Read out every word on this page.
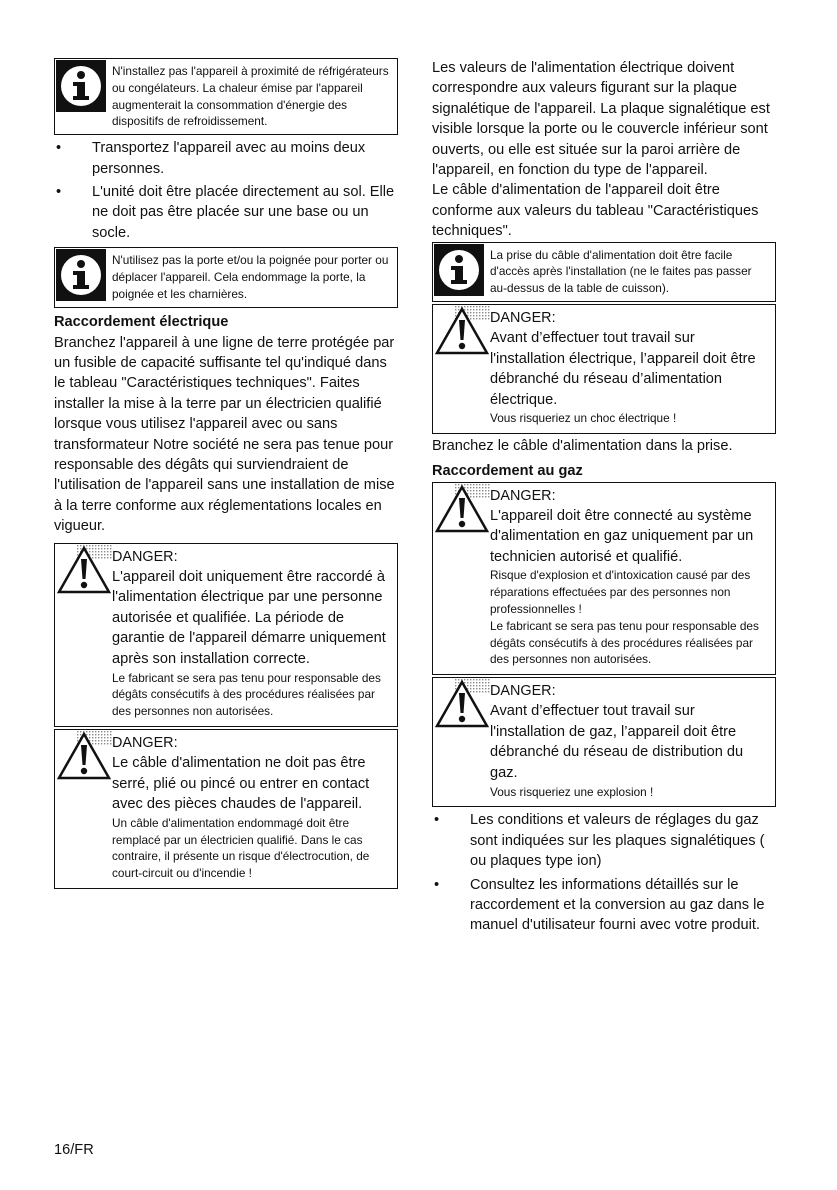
N'installez pas l'appareil à proximité de réfrigérateurs ou congélateurs. La chaleur émise par l'appareil augmenterait la consommation d'énergie des dispositifs de refroidissement.
• Transportez l'appareil avec au moins deux personnes.
• L'unité doit être placée directement au sol. Elle ne doit pas être placée sur une base ou un socle.
N'utilisez pas la porte et/ou la poignée pour porter ou déplacer l'appareil. Cela endommage la porte, la poignée et les charnières.
Raccordement électrique

Branchez l'appareil à une ligne de terre protégée par un fusible de capacité suffisante tel qu'indiqué dans le tableau "Caractéristiques techniques". Faites installer la mise à la terre par un électricien qualifié lorsque vous utilisez l'appareil avec ou sans transformateur Notre société ne sera pas tenue pour responsable des dégâts qui surviendraient de l'utilisation de l'appareil sans une installation de mise à la terre conforme aux réglementations locales en vigueur.

DANGER:
L'appareil doit uniquement être raccordé à l'alimentation électrique par une personne autorisée et qualifiée. La période de garantie de l'appareil démarre uniquement après son installation correcte.
Le fabricant se sera pas tenu pour responsable des dégâts consécutifs à des procédures réalisées par des personnes non autorisées.
DANGER:
Le câble d'alimentation ne doit pas être serré, plié ou pincé ou entrer en contact avec des pièces chaudes de l'appareil.
Un câble d'alimentation endommagé doit être remplacé par un électricien qualifié. Dans le cas contraire, il présente un risque d'électrocution, de court-circuit ou d'incendie !

Les valeurs de l'alimentation électrique doivent correspondre aux valeurs figurant sur la plaque signalétique de l'appareil. La plaque signalétique est visible lorsque la porte ou le couvercle inférieur sont ouverts, ou elle est située sur la paroi arrière de l'appareil, en fonction du type de l'appareil.

Le câble d'alimentation de l'appareil doit être conforme aux valeurs du tableau "Caractéristiques techniques".

La prise du câble d'alimentation doit être facile d'accès après l'installation (ne le faites pas passer au-dessus de la table de cuisson).
DANGER:
Avant d’effectuer tout travail sur l'installation électrique, l’appareil doit être débranché du réseau d’alimentation électrique.
Vous risqueriez un choc électrique !

Branchez le câble d'alimentation dans la prise.

Raccordement au gaz
DANGER:
L'appareil doit être connecté au système d'alimentation en gaz uniquement par un technicien autorisé et qualifié.
Risque d'explosion et d'intoxication causé par des réparations effectuées par des personnes non professionnelles !
Le fabricant se sera pas tenu pour responsable des dégâts consécutifs à des procédures réalisées par des personnes non autorisées.
DANGER:
Avant d’effectuer tout travail sur l'installation de gaz, l’appareil doit être débranché du réseau de distribution du gaz.
Vous risqueriez une explosion !
• Les conditions et valeurs de réglages du gaz sont indiquées sur les plaques signalétiques ( ou plaques type ion)
• Consultez les informations détaillés sur le raccordement et la conversion au gaz dans le manuel d'utilisateur fourni avec votre produit.
16/FR
